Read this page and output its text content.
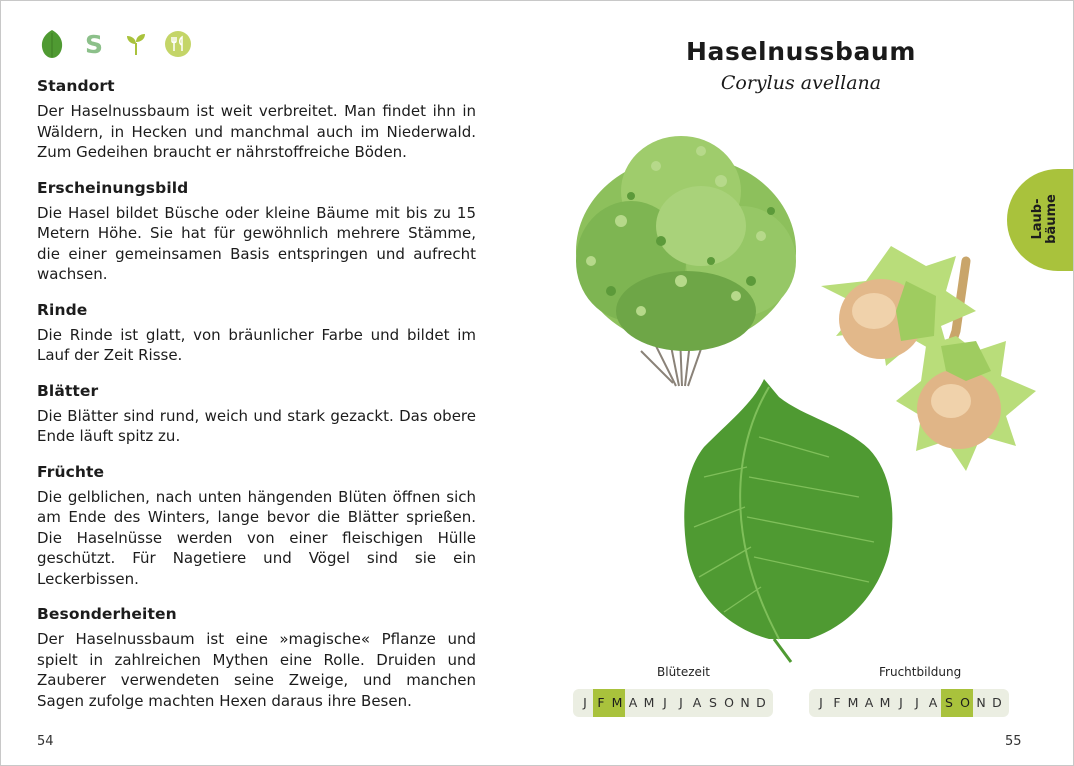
S
Standort

Der Haselnussbaum ist weit verbreitet. Man findet ihn in Wäldern, in Hecken und manchmal auch im Niederwald. Zum Gedeihen braucht er nährstoffreiche Böden.

Erscheinungsbild

Die Hasel bildet Büsche oder kleine Bäume mit bis zu 15 Metern Höhe. Sie hat für gewöhnlich mehrere Stämme, die einer gemeinsamen Basis entspringen und aufrecht wachsen.

Rinde

Die Rinde ist glatt, von bräunlicher Farbe und bildet im Lauf der Zeit Risse.

Blätter

Die Blätter sind rund, weich und stark gezackt. Das obere Ende läuft spitz zu.

Früchte

Die gelblichen, nach unten hängenden Blüten öffnen sich am Ende des Winters, lange bevor die Blätter sprießen. Die Haselnüsse werden von einer fleischigen Hülle geschützt. Für Nagetiere und Vögel sind sie ein Leckerbissen.

Besonderheiten

Der Haselnussbaum ist eine »magische« Pflanze und spielt in zahlreichen Mythen eine Rolle. Druiden und Zauberer verwendeten seine Zweige, und manchen Sagen zufolge machten Hexen daraus ihre Besen.

54
Haselnussbaum
Corylus avellana
Laub- bäume
Blütezeit	Fruchtbildung
J F M A M J J A S O N D	J F M A M J J A S O N D
55
